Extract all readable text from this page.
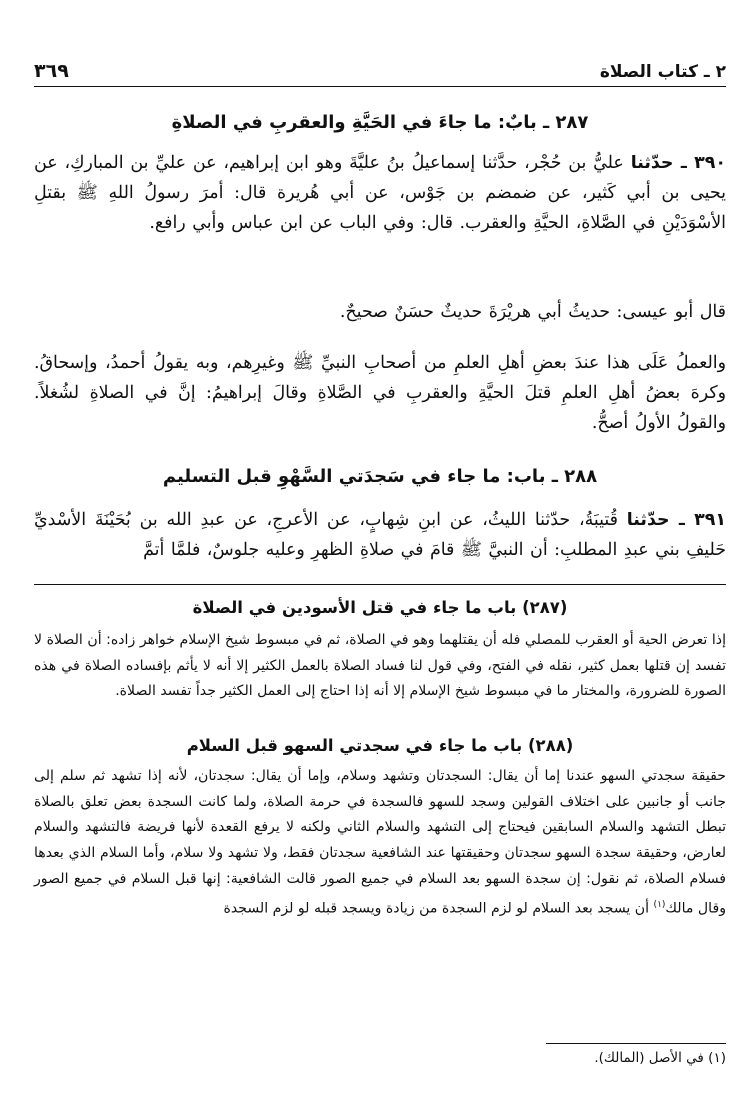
٢ ـ كتاب الصلاة
٣٦٩
٢٨٧ ـ بابٌ: ما جاءَ في الحَيَّةِ والعقربِ في الصلاةِ

٣٩٠ ـ حدّثنا عليُّ بن حُجْر، حدَّثنا إسماعيلُ بنُ عليَّةَ وهو ابن إبراهيم، عن عليِّ بن المباركِ، عن يحيى بن أبي كَثير، عن ضمضم بن جَوْس، عن أبي هُريرة قال: أمرَ رسولُ اللهِ ﷺ بقتلِ الأسْوَدَيْنِ في الصَّلاةِ، الحيَّةِ والعقرب. قال: وفي الباب عن ابن عباس وأبي رافع.

قال أبو عيسى: حديثُ أبي هريْرَةَ حديثٌ حسَنٌ صحيحٌ.

والعملُ عَلَى هذا عندَ بعضِ أهلِ العلمِ من أصحابِ النبيِّ ﷺ وغيرِهم، وبه يقولُ أحمدُ، وإسحاقُ. وكرهَ بعضُ أهلِ العلمِ قتلَ الحيَّةِ والعقربِ في الصَّلاةِ وقالَ إبراهيمُ: إنَّ في الصلاةِ لشُغلاً. والقولُ الأولُ أصحُّ.

٢٨٨ ـ باب: ما جاء في سَجدَتي السَّهْوِ قبل التسليم

٣٩١ ـ حدّثنا قُتيبَةُ، حدّثنا الليثُ، عن ابنِ شِهابٍ، عن الأعرجِ، عن عبدِ الله بن بُحَيْنَةَ الأسْديِّ حَليفِ بني عبدِ المطلبِ: أن النبيَّ ﷺ قامَ في صلاةِ الظهرِ وعليه جلوسٌ، فلمَّا أتمَّ

(٢٨٧) باب ما جاء في قتل الأسودين في الصلاة

إذا تعرض الحية أو العقرب للمصلي فله أن يقتلهما وهو في الصلاة، ثم في مبسوط شيخ الإسلام خواهر زاده: أن الصلاة لا تفسد إن قتلها بعمل كثير، نقله في الفتح، وفي قول لنا فساد الصلاة بالعمل الكثير إلا أنه لا يأثم بإفساده الصلاة في هذه الصورة للضرورة، والمختار ما في مبسوط شيخ الإسلام إلا أنه إذا احتاج إلى العمل الكثير جداً تفسد الصلاة.

(٢٨٨) باب ما جاء في سجدتي السهو قبل السلام

حقيقة سجدتي السهو عندنا إما أن يقال: السجدتان وتشهد وسلام، وإما أن يقال: سجدتان، لأنه إذا تشهد ثم سلم إلى جانب أو جانبين على اختلاف القولين وسجد للسهو فالسجدة في حرمة الصلاة، ولما كانت السجدة بعض تعلق بالصلاة تبطل التشهد والسلام السابقين فيحتاج إلى التشهد والسلام الثاني ولكنه لا يرفع القعدة لأنها فريضة فالتشهد والسلام لعارض، وحقيقة سجدة السهو سجدتان وحقيقتها عند الشافعية سجدتان فقط، ولا تشهد ولا سلام، وأما السلام الذي بعدها فسلام الصلاة، ثم نقول: إن سجدة السهو بعد السلام في جميع الصور قالت الشافعية: إنها قبل السلام في جميع الصور وقال مالك$^{(١)}$ أن يسجد بعد السلام لو لزم السجدة من زيادة ويسجد قبله لو لزم السجدة

(١) في الأصل (المالك).
